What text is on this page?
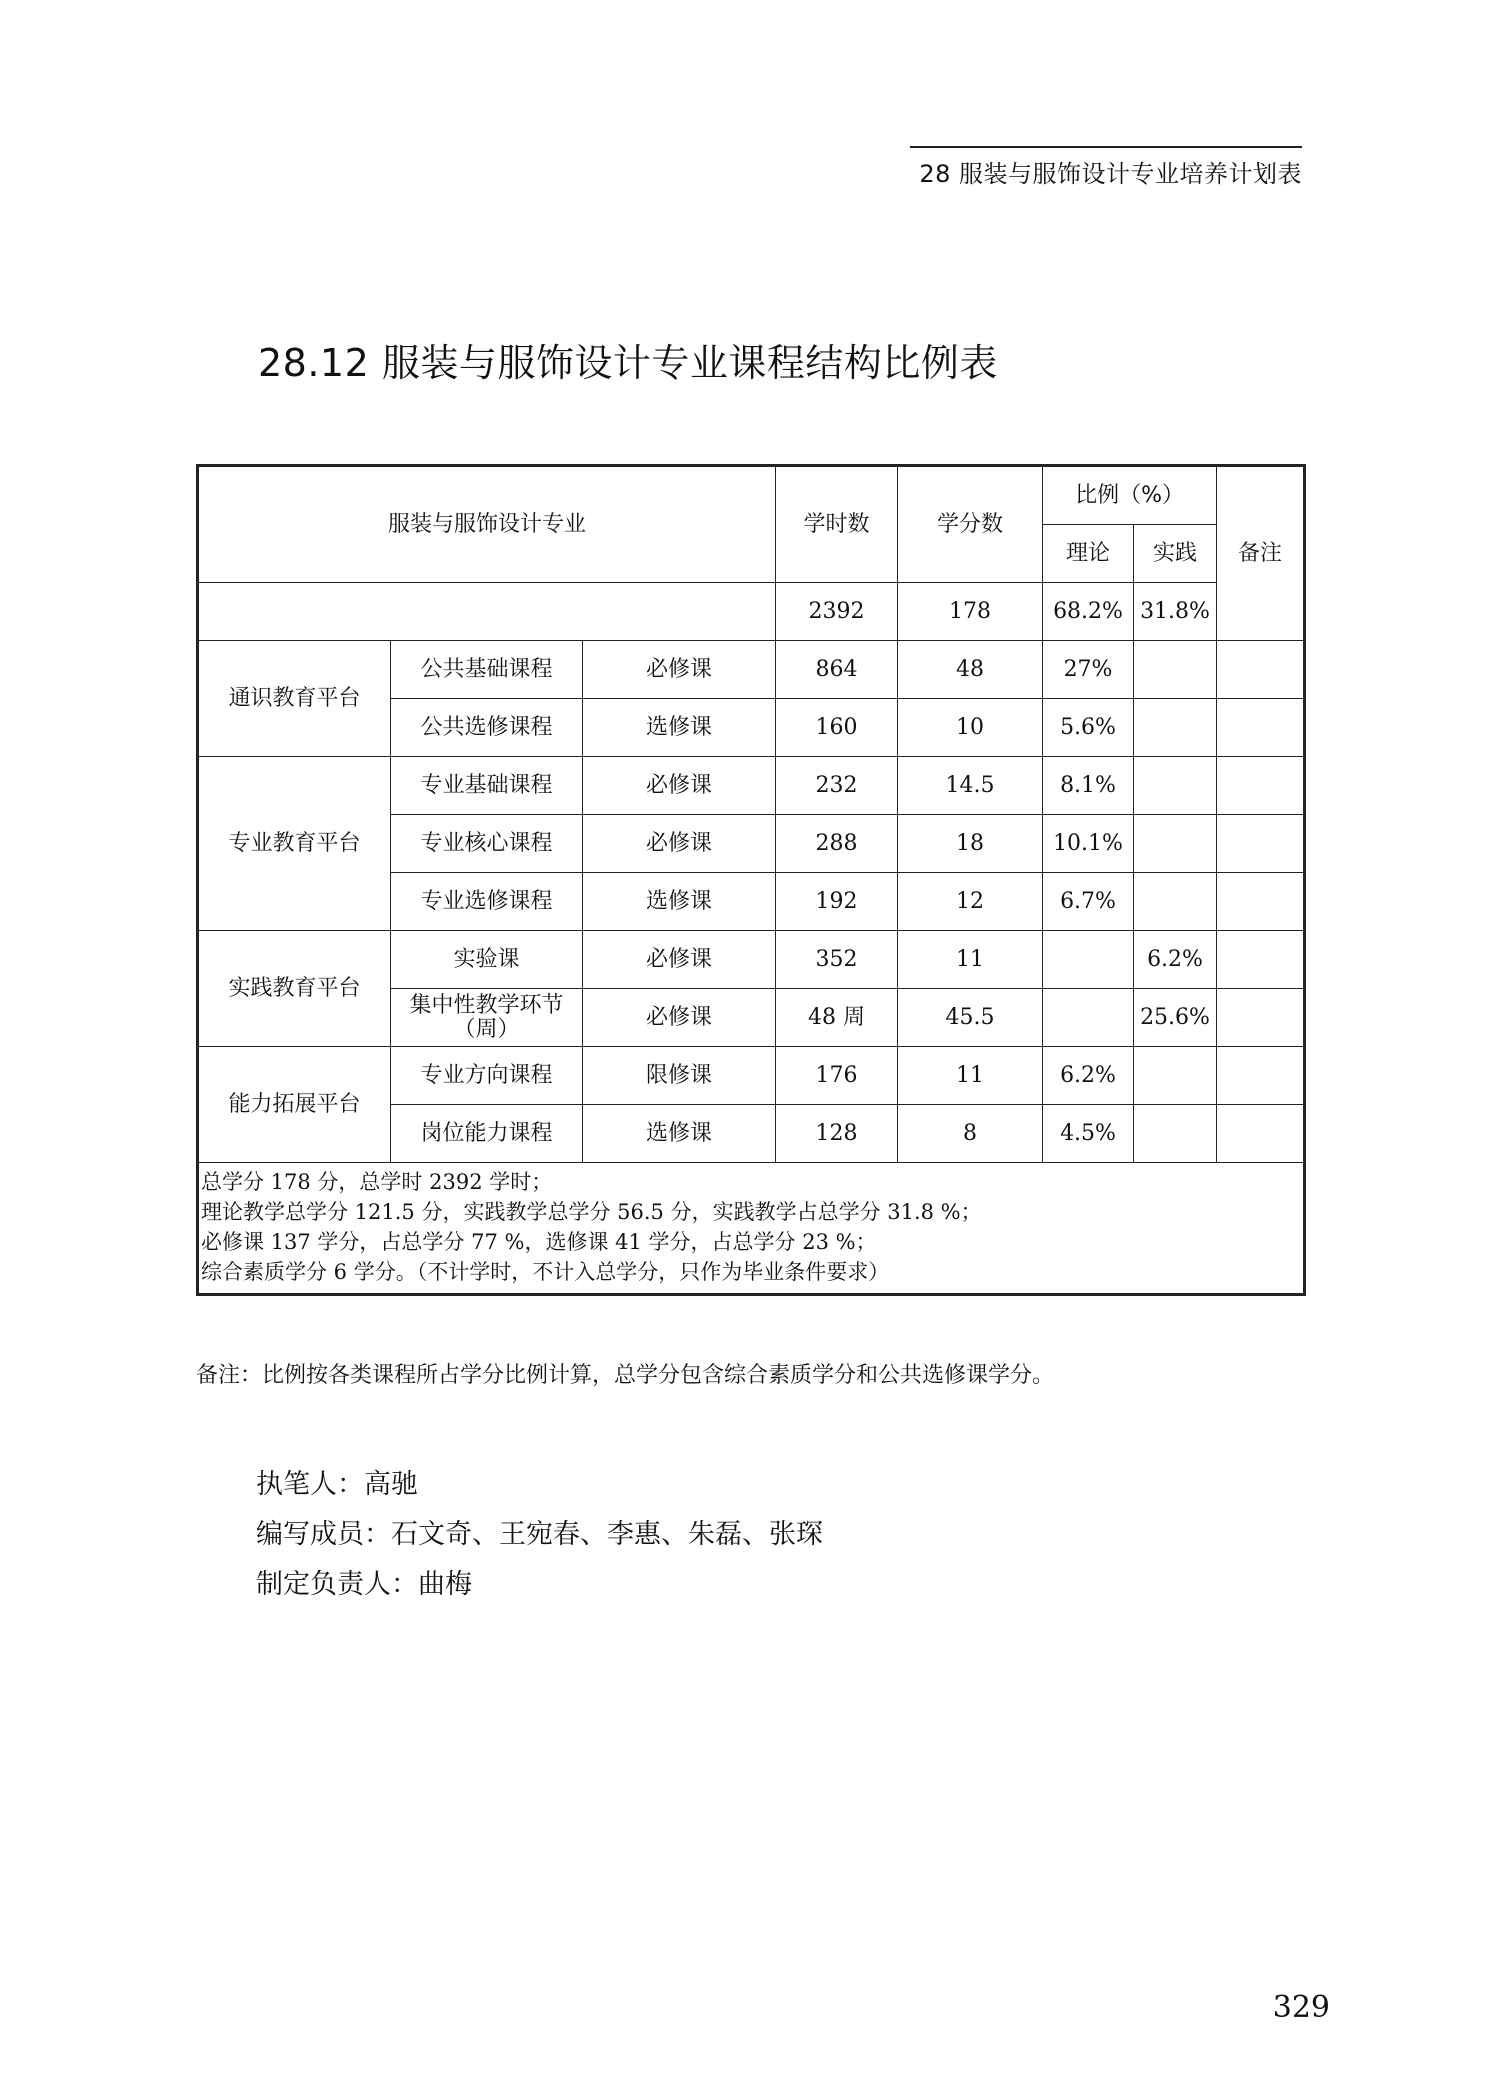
28 服装与服饰设计专业培养计划表
28.12 服装与服饰设计专业课程结构比例表
服装与服饰设计专业			学时数	学分数	比例（%）		备注
					理论	实践	
			2392	178	68.2%	31.8%	
通识教育平台	公共基础课程	必修课	864	48	27%		
	公共选修课程	选修课	160	10	5.6%		
专业教育平台	专业基础课程	必修课	232	14.5	8.1%		
	专业核心课程	必修课	288	18	10.1%		
	专业选修课程	选修课	192	12	6.7%		
实践教育平台	实验课	必修课	352	11		6.2%	

	集中性教学环节
（周）	必修课	48 周	45.5		25.6%	
能力拓展平台	专业方向课程	限修课	176	11	6.2%		
	岗位能力课程	选修课	128	8	4.5%		

总学分 178 分，总学时 2392 学时；
理论教学总学分 121.5 分，实践教学总学分 56.5 分，实践教学占总学分 31.8 %；
必修课 137 学分，占总学分 77 %，选修课 41 学分，占总学分 23 %；
综合素质学分 6 学分。（不计学时，不计入总学分，只作为毕业条件要求）							
备注：比例按各类课程所占学分比例计算，总学分包含综合素质学分和公共选修课学分。
执笔人：高驰
编写成员：石文奇、王宛春、李惠、朱磊、张琛
制定负责人：曲梅
329
